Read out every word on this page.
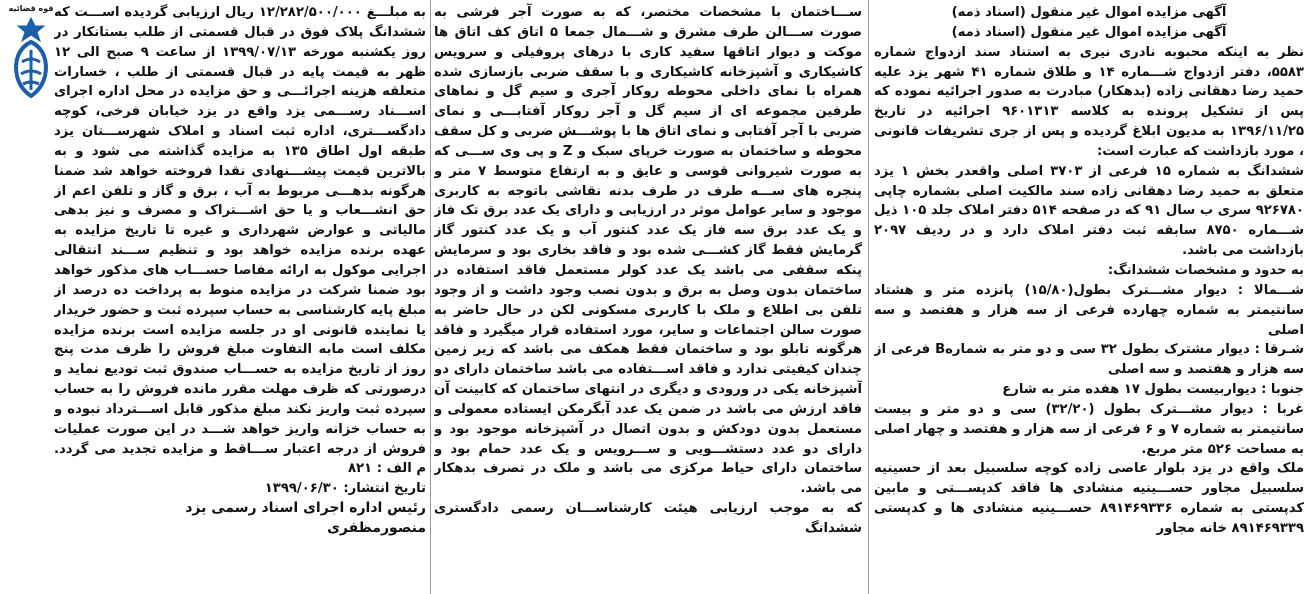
قوه قضائیه	آگهی مزایده اموال غیر منقول (اسناد ذمه)

آگهی مزایده اموال غیر منقول (اسناد ذمه)

نظر به اینکه محبوبه نادری نیری به استناد سند ازدواج شماره ۵۵۸۳، دفتر ازدواج شـــماره ۱۴ و طلاق شماره ۴۱ شهر یزد علیه حمید رضا دهقانی زاده (بدهکار) مبادرت به صدور اجرائیه نموده که پس از تشکیل پرونده به کلاسه ۹۶۰۱۳۱۳ اجرائیه در تاریخ ۱۳۹۶/۱۱/۲۵ به مدیون ابلاغ گردیده و پس از جری تشریفات قانونی ، مورد بازداشت که عبارت است:

ششدانگ به شماره ۱۵ فرعی از ۳۷۰۳ اصلی واقعدر بخش ۱ یزد متعلق به حمید رضا دهقانی زاده سند مالکیت اصلی بشماره چاپی ۹۲۶۷۸۰ سری ب سال ۹۱ که در صفحه ۵۱۴ دفتر املاک جلد ۱۰۵ ذیل شـــماره ۸۷۵۰ سابقه ثبت دفتر املاک دارد و در ردیف ۲۰۹۷ بازداشت می باشد.

به حدود و مشخصات ششدانگ:

شـــمالا : دیوار مشـــترک بطول(۱۵/۸۰) پانزده متر و هشتاد سانتیمتر به شماره چهارده فرعی از سه هزار و هفتصد و سه اصلی

شـرقا : دیوار مشترک بطول ۳۲ سی و دو متر به شمارهB فرعی از سه هزار و هفتصد و سه اصلی

جنوبا : دیواربیست بطول ۱۷ هفده متر به شارع

غربا : دیوار مشـــترک بطول (۳۲/۲۰) سی و دو متر و بیست سانتیمتر به شماره ۷ و ۶ فرعی از سه هزار و هفتصد و چهار اصلی به مساحت ۵۲۶ متر مربع.

ملک واقع در یزد بلوار عاصی زاده کوچه سلسبیل بعد از حسینیه سلسبیل مجاور حســـینیه منشادی ها فاقد کدپســـتی و مابین کدپستی به شماره ۸۹۱۴۶۹۳۳۶ حســـینیه منشادی ها و کدپستی ۸۹۱۴۶۹۳۳۹ خانه مجاور

ســـاختمان با مشخصات مختصر، که به صورت آجر فرشی به صورت ســـالن طرف مشرق و شـــمال جمعا ۵ اتاق کف اتاق ها موکت و دیوار اتاقها سفید کاری با درهای پروفیلی و سرویس کاشیکاری و آشپزخانه کاشیکاری و با سقف ضربی بازسازی شده همراه با نمای داخلی محوطه روکار آجری و سیم گل و نماهای طرفین مجموعه ای از سیم گل و آجر روکار آفتابـــی و نمای ضربی با آجر آفتابی و نمای اتاق ها با پوشـــش ضربی و کل سقف محوطه و ساختمان به صورت خرپای سبک و Z و پی وی ســـی که به صورت شیروانی قوسی و عایق و به ارتفاع متوسط ۷ متر و پنجره های ســـه طرف در طرف بدنه نقاشی باتوجه به کاربری موجود و سایر عوامل موثر در ارزیابی و دارای یک عدد برق تک فاز و یک عدد برق سه فاز یک عدد کنتور آب و یک عدد کنتور گاز گرمایش فقط گاز کشـــی شده بود و فاقد بخاری بود و سرمایش پنکه سقفی می باشد یک عدد کولر مستعمل فاقد استفاده در ساختمان بدون وصل به برق و بدون نصب وجود داشت و از وجود تلفن بی اطلاع و ملک با کاربری مسکونی لکن در حال حاضر به صورت سالن اجتماعات و سایر، مورد استفاده قرار میگیرد و فاقد هرگونه تابلو بود و ساختمان فقط همکف می باشد که زیر زمین چندان کیفیتی ندارد و فاقد اســـتفاده می باشد ساختمان دارای دو آشپزخانه یکی در ورودی و دیگری در انتهای ساختمان که کابینت آن فاقد ارزش می باشد در ضمن یک عدد آبگرمکن ایستاده معمولی و مستعمل بدون دودکش و بدون اتصال در آشپزخانه موجود بود و دارای دو عدد دستشـــویی و ســـرویس و یک عدد حمام بود و ساختمان دارای حیاط مرکزی می باشد و ملک در تصرف بدهکار می باشد.

که به موجب ارزیابی هیئت کارشناســـان رسمی دادگستری ششدانگ

به مبلـــغ ۱۲/۲۸۲/۵۰۰/۰۰۰ ریال ارزیابی گردیده اســـت که ششدانگ پلاک فوق در قبال قسمتی از طلب بستانکار در روز یکشنبه مورخه ۱۳۹۹/۰۷/۱۳ از ساعت ۹ صبح الی ۱۲ ظهر به قیمت پایه در قبال قسمتی از طلب ، خسارات متعلقه هزینه اجرائـــی و حق مزایده در محل اداره اجرای اســـناد رســـمی یزد واقع در یزد خیابان فرخی، کوچه دادگســـتری، اداره ثبت اسناد و املاک شهرســـتان یزد طبقه اول اطاق ۱۳۵ به مزایده گذاشته می شود و به بالاترین قیمت پیشـــنهادی نقدا فروخته خواهد شد ضمنا هرگونه بدهـــی مربوط به آب ، برق و گاز و تلفن اعم از حق انشـــعاب و یا حق اشـــتراک و مصرف و نیز بدهی مالیاتی و عوارض شهرداری و غیره تا تاریخ مزایده به عهده برنده مزایده خواهد بود و تنظیم ســـند انتقالی اجرایی موکول به ارائه مفاصا حســـاب های مذکور خواهد بود ضمنا شرکت در مزایده منوط به پرداخت ده درصد از مبلغ پایه کارشناسی به حساب سپرده ثبت و حضور خریدار یا نماینده قانونی او در جلسه مزایده است برنده مزایده مکلف است مابه التفاوت مبلغ فروش را ظرف مدت پنج روز از تاریخ مزایده به حســـاب صندوق ثبت تودیع نماید و درصورتی که ظرف مهلت مقرر مانده فروش را به حساب سپرده ثبت واریز نکند مبلغ مذکور قابل اســـترداد نبوده و به حساب خزانه واریز خواهد شـــد در این صورت عملیات فروش از درجه اعتبار ســـاقط و مزایده تجدید می گردد. م الف : ۸۲۱

تاریخ انتشار: ۱۳۹۹/۰۶/۳۰

رئیس اداره اجرای اسناد رسمی یزد

منصورمظفری
